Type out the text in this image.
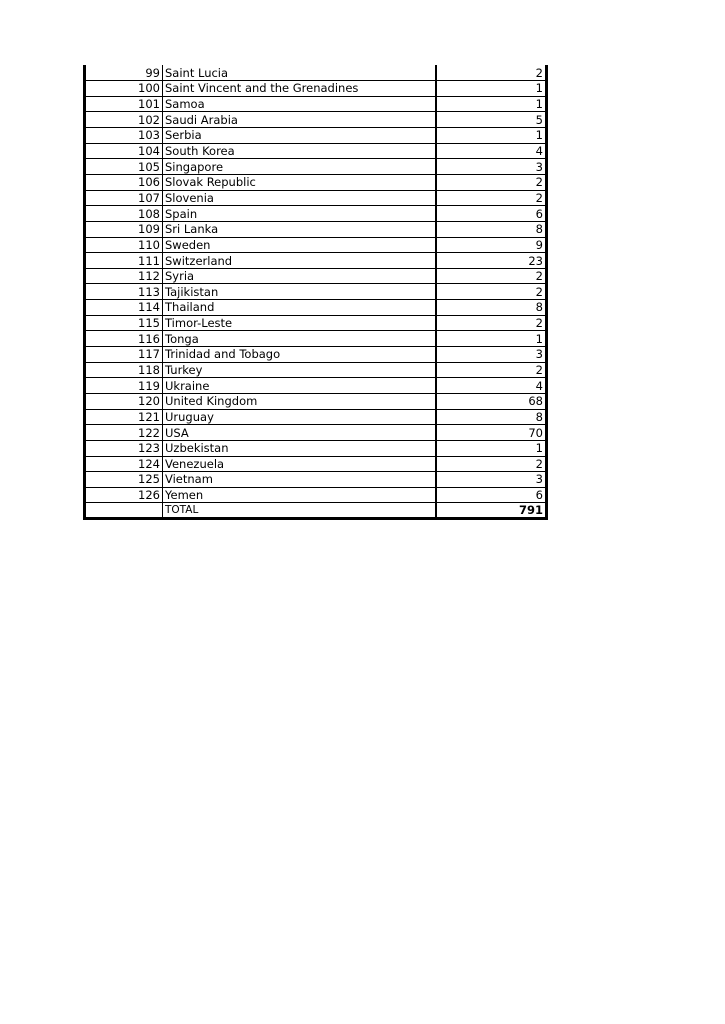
99	Saint Lucia	2
100	Saint Vincent and the Grenadines	1
101	Samoa	1
102	Saudi Arabia	5
103	Serbia	1
104	South Korea	4
105	Singapore	3
106	Slovak Republic	2
107	Slovenia	2
108	Spain	6
109	Sri Lanka	8
110	Sweden	9
111	Switzerland	23
112	Syria	2
113	Tajikistan	2
114	Thailand	8
115	Timor-Leste	2
116	Tonga	1
117	Trinidad and Tobago	3
118	Turkey	2
119	Ukraine	4
120	United Kingdom	68
121	Uruguay	8
122	USA	70
123	Uzbekistan	1
124	Venezuela	2
125	Vietnam	3
126	Yemen	6
	TOTAL	791
